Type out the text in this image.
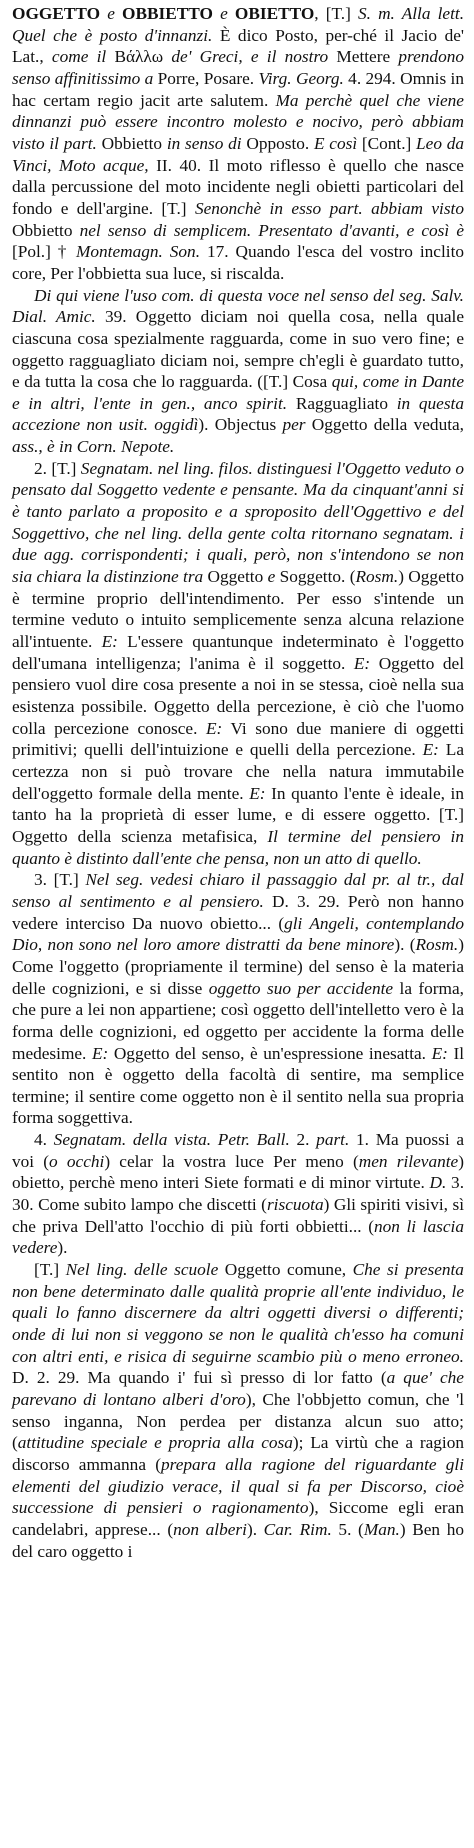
OGGETTO e OBBIETTO e OBIETTO, [T.] S. m. Alla lett. Quel che è posto d'innanzi. È dico Posto, per-ché il Jacio de' Lat., come il Βάλλω de' Greci, e il nostro Mettere prendono senso affinitissimo a Porre, Posare. Virg. Georg. 4. 294. Omnis in hac certam regio jacit arte salutem. Ma perchè quel che viene dinnanzi può essere incontro molesto e nocivo, però abbiam visto il part. Obbietto in senso di Opposto. E così [Cont.] Leo da Vinci, Moto acque, II. 40. Il moto riflesso è quello che nasce dalla percussione del moto incidente negli obietti particolari del fondo e dell'argine. [T.] Senonchè in esso part. abbiam visto Obbietto nel senso di semplicem. Presentato d'avanti, e così è [Pol.] † Montemagn. Son. 17. Quando l'esca del vostro inclito core, Per l'obbietta sua luce, si riscalda.

Di qui viene l'uso com. di questa voce nel senso del seg. Salv. Dial. Amic. 39. Oggetto diciam noi quella cosa, nella quale ciascuna cosa spezialmente ragguarda, come in suo vero fine; e oggetto ragguagliato diciam noi, sempre ch'egli è guardato tutto, e da tutta la cosa che lo ragguarda. ([T.] Cosa qui, come in Dante e in altri, l'ente in gen., anco spirit. Ragguagliato in questa accezione non usit. oggidì). Objectus per Oggetto della veduta, ass., è in Corn. Nepote.

2. [T.] Segnatam. nel ling. filos. distinguesi l'Oggetto veduto o pensato dal Soggetto vedente e pensante. Ma da cinquant'anni si è tanto parlato a proposito e a sproposito dell'Oggettivo e del Soggettivo, che nel ling. della gente colta ritornano segnatam. i due agg. corrispondenti; i quali, però, non s'intendono se non sia chiara la distinzione tra Oggetto e Soggetto. (Rosm.) Oggetto è termine proprio dell'intendimento. Per esso s'intende un termine veduto o intuito semplicemente senza alcuna relazione all'intuente. E: L'essere quantunque indeterminato è l'oggetto dell'umana intelligenza; l'anima è il soggetto. E: Oggetto del pensiero vuol dire cosa presente a noi in se stessa, cioè nella sua esistenza possibile. Oggetto della percezione, è ciò che l'uomo colla percezione conosce. E: Vi sono due maniere di oggetti primitivi; quelli dell'intuizione e quelli della percezione. E: La certezza non si può trovare che nella natura immutabile dell'oggetto formale della mente. E: In quanto l'ente è ideale, in tanto ha la proprietà di esser lume, e di essere oggetto. [T.] Oggetto della scienza metafisica, Il termine del pensiero in quanto è distinto dall'ente che pensa, non un atto di quello.

3. [T.] Nel seg. vedesi chiaro il passaggio dal pr. al tr., dal senso al sentimento e al pensiero. D. 3. 29. Però non hanno vedere interciso Da nuovo obietto... (gli Angeli, contemplando Dio, non sono nel loro amore distratti da bene minore). (Rosm.) Come l'oggetto (propriamente il termine) del senso è la materia delle cognizioni, e si disse oggetto suo per accidente la forma, che pure a lei non appartiene; così oggetto dell'intelletto vero è la forma delle cognizioni, ed oggetto per accidente la forma delle medesime. E: Oggetto del senso, è un'espressione inesatta. E: Il sentito non è oggetto della facoltà di sentire, ma semplice termine; il sentire come oggetto non è il sentito nella sua propria forma soggettiva.

4. Segnatam. della vista. Petr. Ball. 2. part. 1. Ma puossi a voi (o occhi) celar la vostra luce Per meno (men rilevante) obietto, perchè meno interi Siete formati e di minor virtute. D. 3. 30. Come subito lampo che discetti (riscuota) Gli spiriti visivi, sì che priva Dell'atto l'occhio di più forti obbietti... (non li lascia vedere).

[T.] Nel ling. delle scuole Oggetto comune, Che si presenta non bene determinato dalle qualità proprie all'ente individuo, le quali lo fanno discernere da altri oggetti diversi o differenti; onde di lui non si veggono se non le qualità ch'esso ha comuni con altri enti, e risica di seguirne scambio più o meno erroneo. D. 2. 29. Ma quando i' fui sì presso di lor fatto (a que' che parevano di lontano alberi d'oro), Che l'obbjetto comun, che 'l senso inganna, Non perdea per distanza alcun suo atto; (attitudine speciale e propria alla cosa); La virtù che a ragion discorso ammanna (prepara alla ragione del riguardante gli elementi del giudizio verace, il qual si fa per Discorso, cioè successione di pensieri o ragionamento), Siccome egli eran candelabri, apprese... (non alberi). Car. Rim. 5. (Man.) Ben ho del caro oggetto i
